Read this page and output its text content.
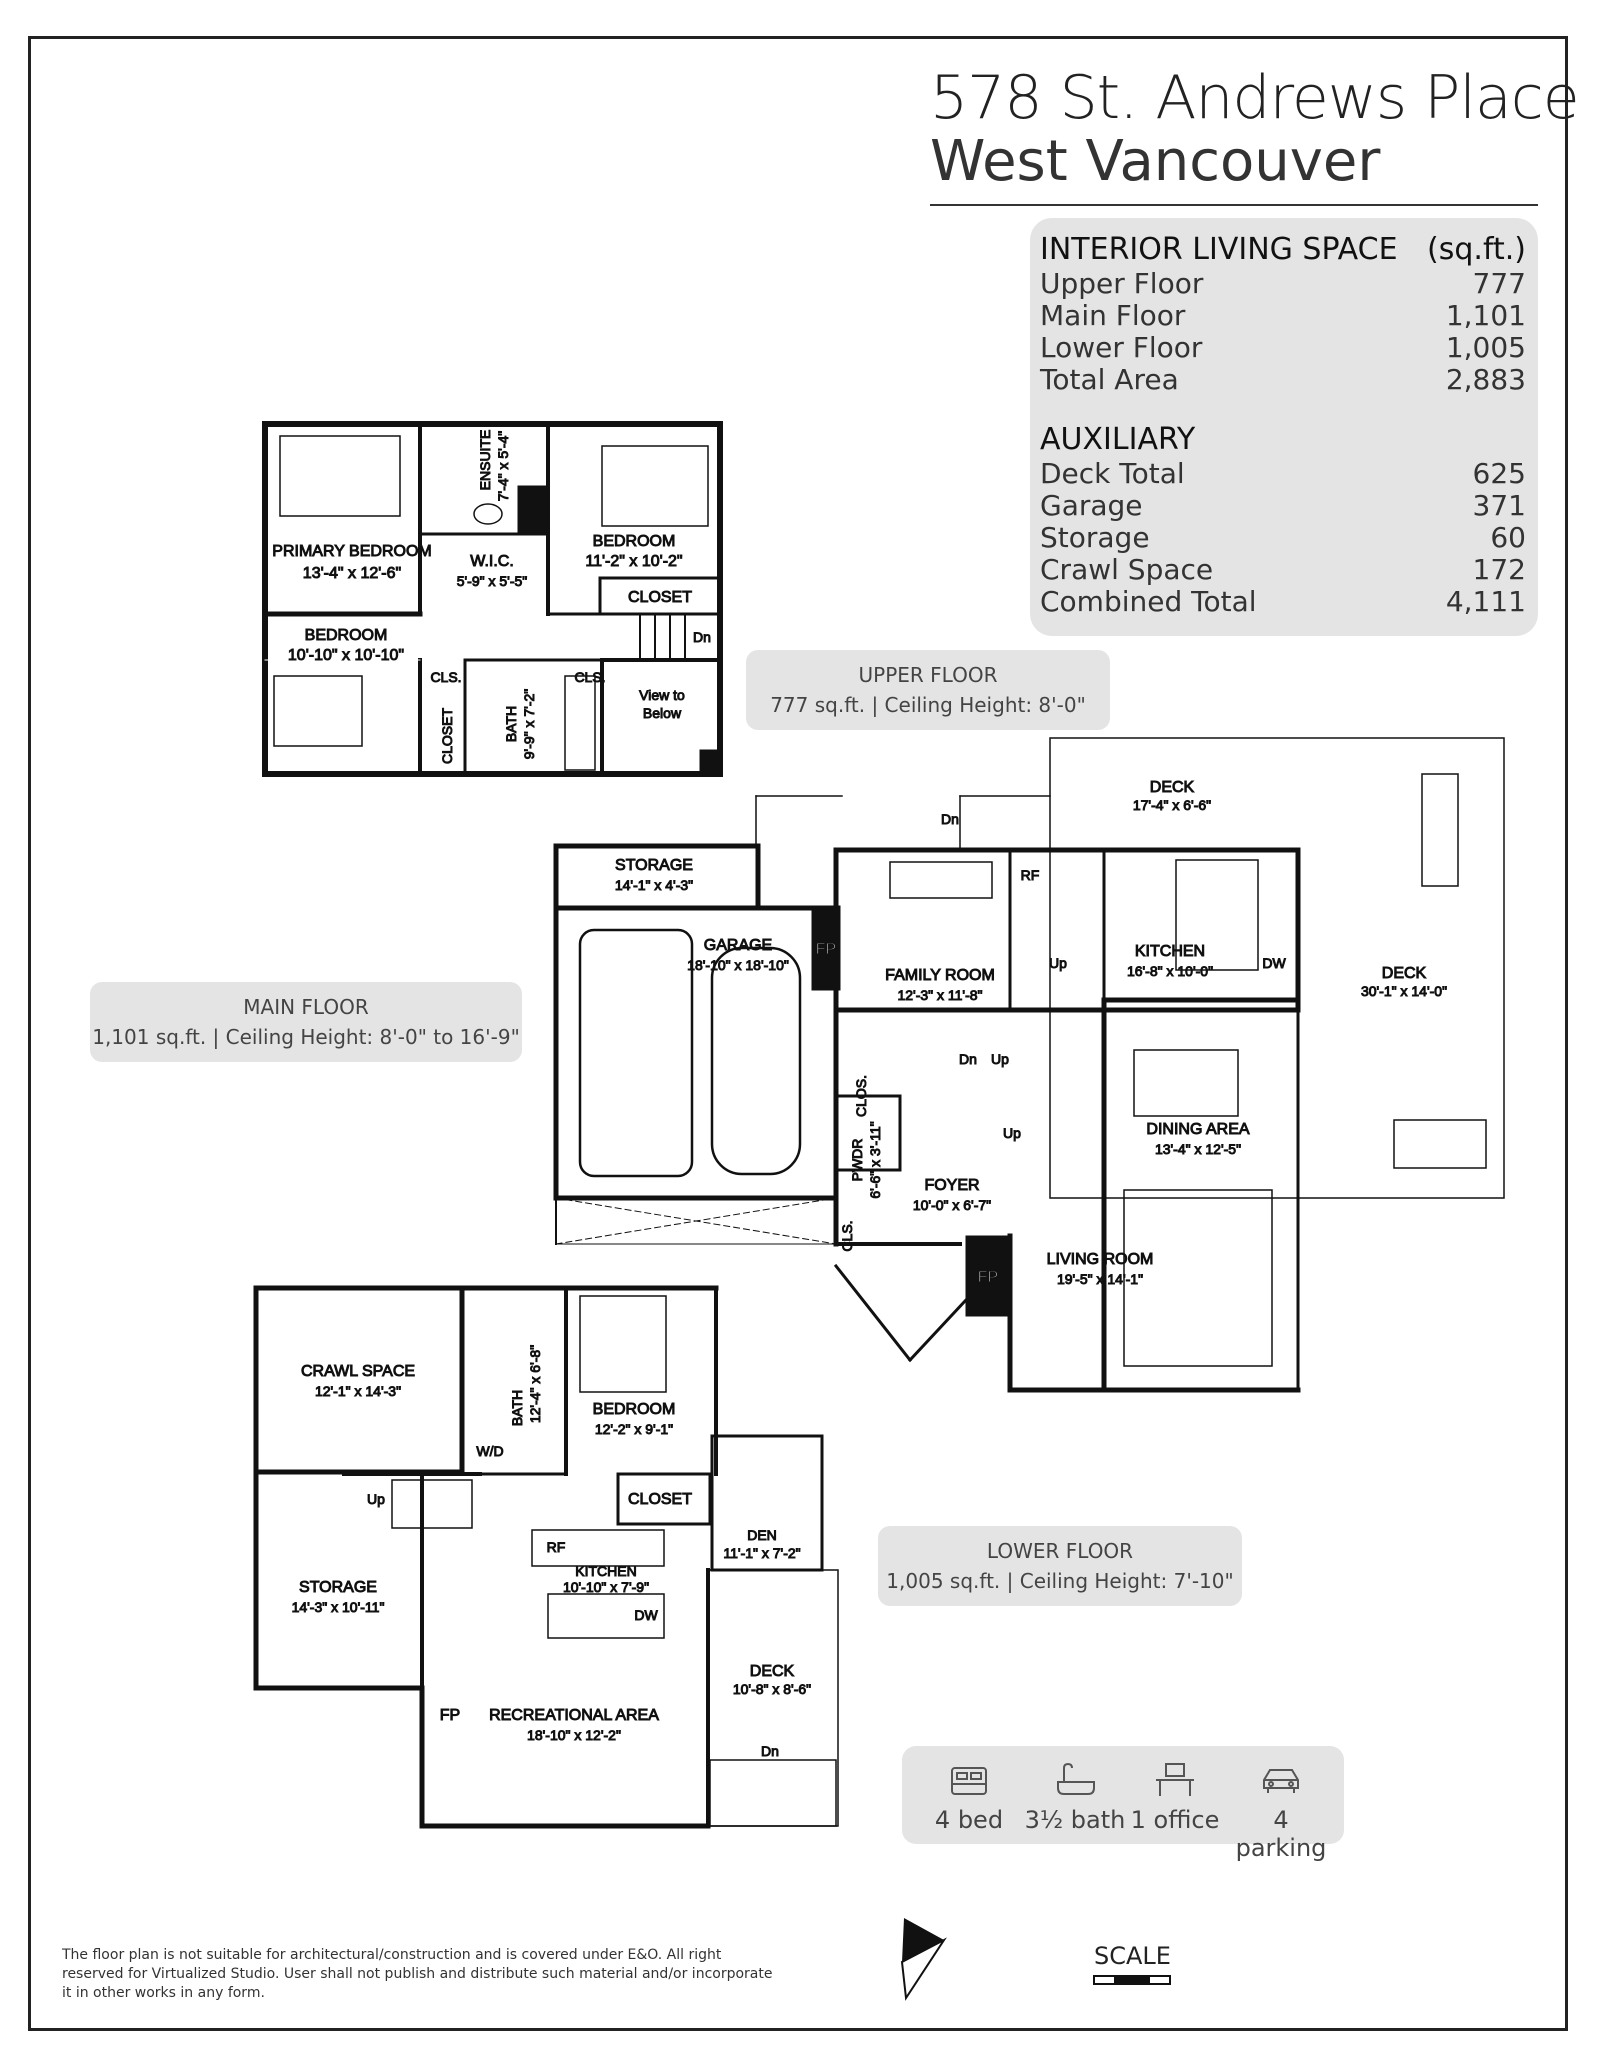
578 St. Andrews Place
West Vancouver
INTERIOR LIVING SPACE (sq.ft.)
Upper Floor	777
Main Floor	1,101
Lower Floor	1,005
Total Area	2,883
AUXILIARY
Deck Total	625
Garage	371
Storage	60
Crawl Space	172
Combined Total	4,111
UPPER FLOOR
777 sq.ft. | Ceiling Height: 8'-0"
MAIN FLOOR
1,101 sq.ft. | Ceiling Height: 8'-0" to 16'-9"
LOWER FLOOR
1,005 sq.ft. | Ceiling Height: 7'-10"
PRIMARY BEDROOM
13'-4" x 12'-6"
BEDROOM
11'-2" x 10'-2"
CLOSET
W.I.C.
5'-9" x 5'-5"
ENSUITE 7'-4" x 5'-4"
BEDROOM
10'-10" x 10'-10"
CLS.
CLOSET	BATH 9'-9" x 7'-2"
CLS.
View to
Below
Dn
STORAGE
14'-1" x 4'-3"
GARAGE
18'-10" x 18'-10"
FP
FAMILY ROOM
12'-3" x 11'-8"
RF
KITCHEN
16'-8" x 10'-0"	DW
DECK
17'-4" x 6'-6"
DECK
30'-1" x 14'-0"
CLOS.
PWDR 6'-6" x 3'-11"	FOYER
10'-0" x 6'-7"
CLS.
DINING AREA
13'-4" x 12'-5"
LIVING ROOM
19'-5" x 14'-1"
FP
Dn
Up
Dn Up
Up
CRAWL SPACE
12'-1" x 14'-3"	BATH 12'-4" x 6'-8"
W/D
BEDROOM
12'-2" x 9'-1"
CLOSET
DEN
11'-1" x 7'-2"
STORAGE
14'-3" x 10'-11"
RF
KITCHEN
10'-10" x 7'-9"
DW
RECREATIONAL AREA
18'-10" x 12'-2"
FP
DECK
10'-8" x 8'-6"
Up
Dn
4 bed 3½ bath 1 office	4 parking
The floor plan is not suitable for architectural/construction and is covered under E&O. All right reserved for Virtualized Studio. User shall not publish and distribute such material and/or incorporate it in other works in any form.
SCALE
